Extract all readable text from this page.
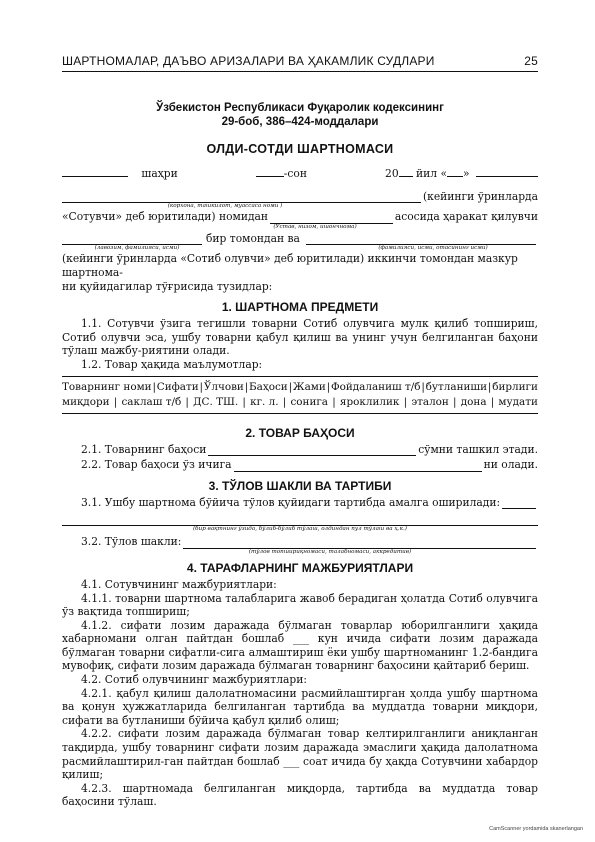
ШАРТНОМАЛАР, ДАЪВО АРИЗАЛАРИ ВА ҲАКАМЛИК СУДЛАРИ	25
Ўзбекистон Республикаси Фуқаролик кодексининг
29-боб, 386–424-моддалари
ОЛДИ-СОТДИ ШАРТНОМАСИ
шаҳри	-сон	20 йил « »
(кейинги ўринларда
(корхона, ташкилот, муассаса номи )
«Сотувчи» деб юритилади) номидан	асосида ҳаракат қилувчи
(Устав, низом, ишончнома)
бир томондан ва
(лавозим, фамилияси, исми)	(фамилияси, исми, отасининг исми)
(кейинги ўринларда «Сотиб олувчи» деб юритилади) иккинчи томондан мазкур шартнома-
ни қуйидагилар тўғрисида тузидлар:
1. ШАРТНОМА ПРЕДМЕТИ
1.1. Сотувчи ўзига тегишли товарни Сотиб олувчига мулк қилиб топшириш, Сотиб олувчи эса, ушбу товарни қабул қилиш ва унинг учун белгиланган баҳони тўлаш мажбу-риятини олади.
1.2. Товар ҳақида маълумотлар:
Товарнинг номи | Сифати | Ўлчови | Баҳоси | Жами | Фойдаланиш т/б | бутланиши | бирлиги
миқдори | саклаш т/б | ДС. ТШ. | кг. л. | сонига | яроклилик | эталон | дона | мудати
2. ТОВАР БАҲОСИ
2.1. Товарнинг баҳоси	сўмни ташкил этади.
2.2. Товар баҳоси ўз ичига	ни олади.
3. ТЎЛОВ ШАКЛИ ВА ТАРТИБИ
3.1. Ушбу шартнома бўйича тўлов қуйидаги тартибда амалга оширилади:
(бир вақтнинг ўзида, бўлиб-бўлиб тўлаш, олдиндан пул тўлаш ва ҳ.к.)
3.2. Тўлов шакли:
(тўлов топшириқномаси, талабномаси, аккредитив)
4. ТАРАФЛАРНИНГ МАЖБУРИЯТЛАРИ
4.1. Сотувчининг мажбуриятлари:
4.1.1. товарни шартнома талабларига жавоб берадиган ҳолатда Сотиб олувчига ўз вақтида топшириш;
4.1.2. сифати лозим даражада бўлмаган товарлар юборилганлиги ҳақида хабарномани олган пайтдан бошлаб ___ кун ичида сифати лозим даражада бўлмаган товарни сифатли-сига алмаштириш ёки ушбу шартноманинг 1.2-бандига мувофиқ, сифати лозим даражада бўлмаган товарнинг баҳосини қайтариб бериш.
4.2. Сотиб олувчининг мажбуриятлари:
4.2.1. қабул қилиш далолатномасини расмийлаштирган ҳолда ушбу шартнома ва қонун ҳужжатларида белгиланган тартибда ва муддатда товарни миқдори, сифати ва бутланиши бўйича қабул қилиб олиш;
4.2.2. сифати лозим даражада бўлмаган товар келтирилганлиги аниқланган тақдирда, ушбу товарнинг сифати лозим даражада эмаслиги ҳақида далолатнома расмийлаштирил-ган пайтдан бошлаб ___ соат ичида бу ҳақда Сотувчини хабардор қилиш;
4.2.3. шартномада белгиланган миқдорда, тартибда ва муддатда товар баҳосини тўлаш.
CamScanner yordamida skanerlangan
